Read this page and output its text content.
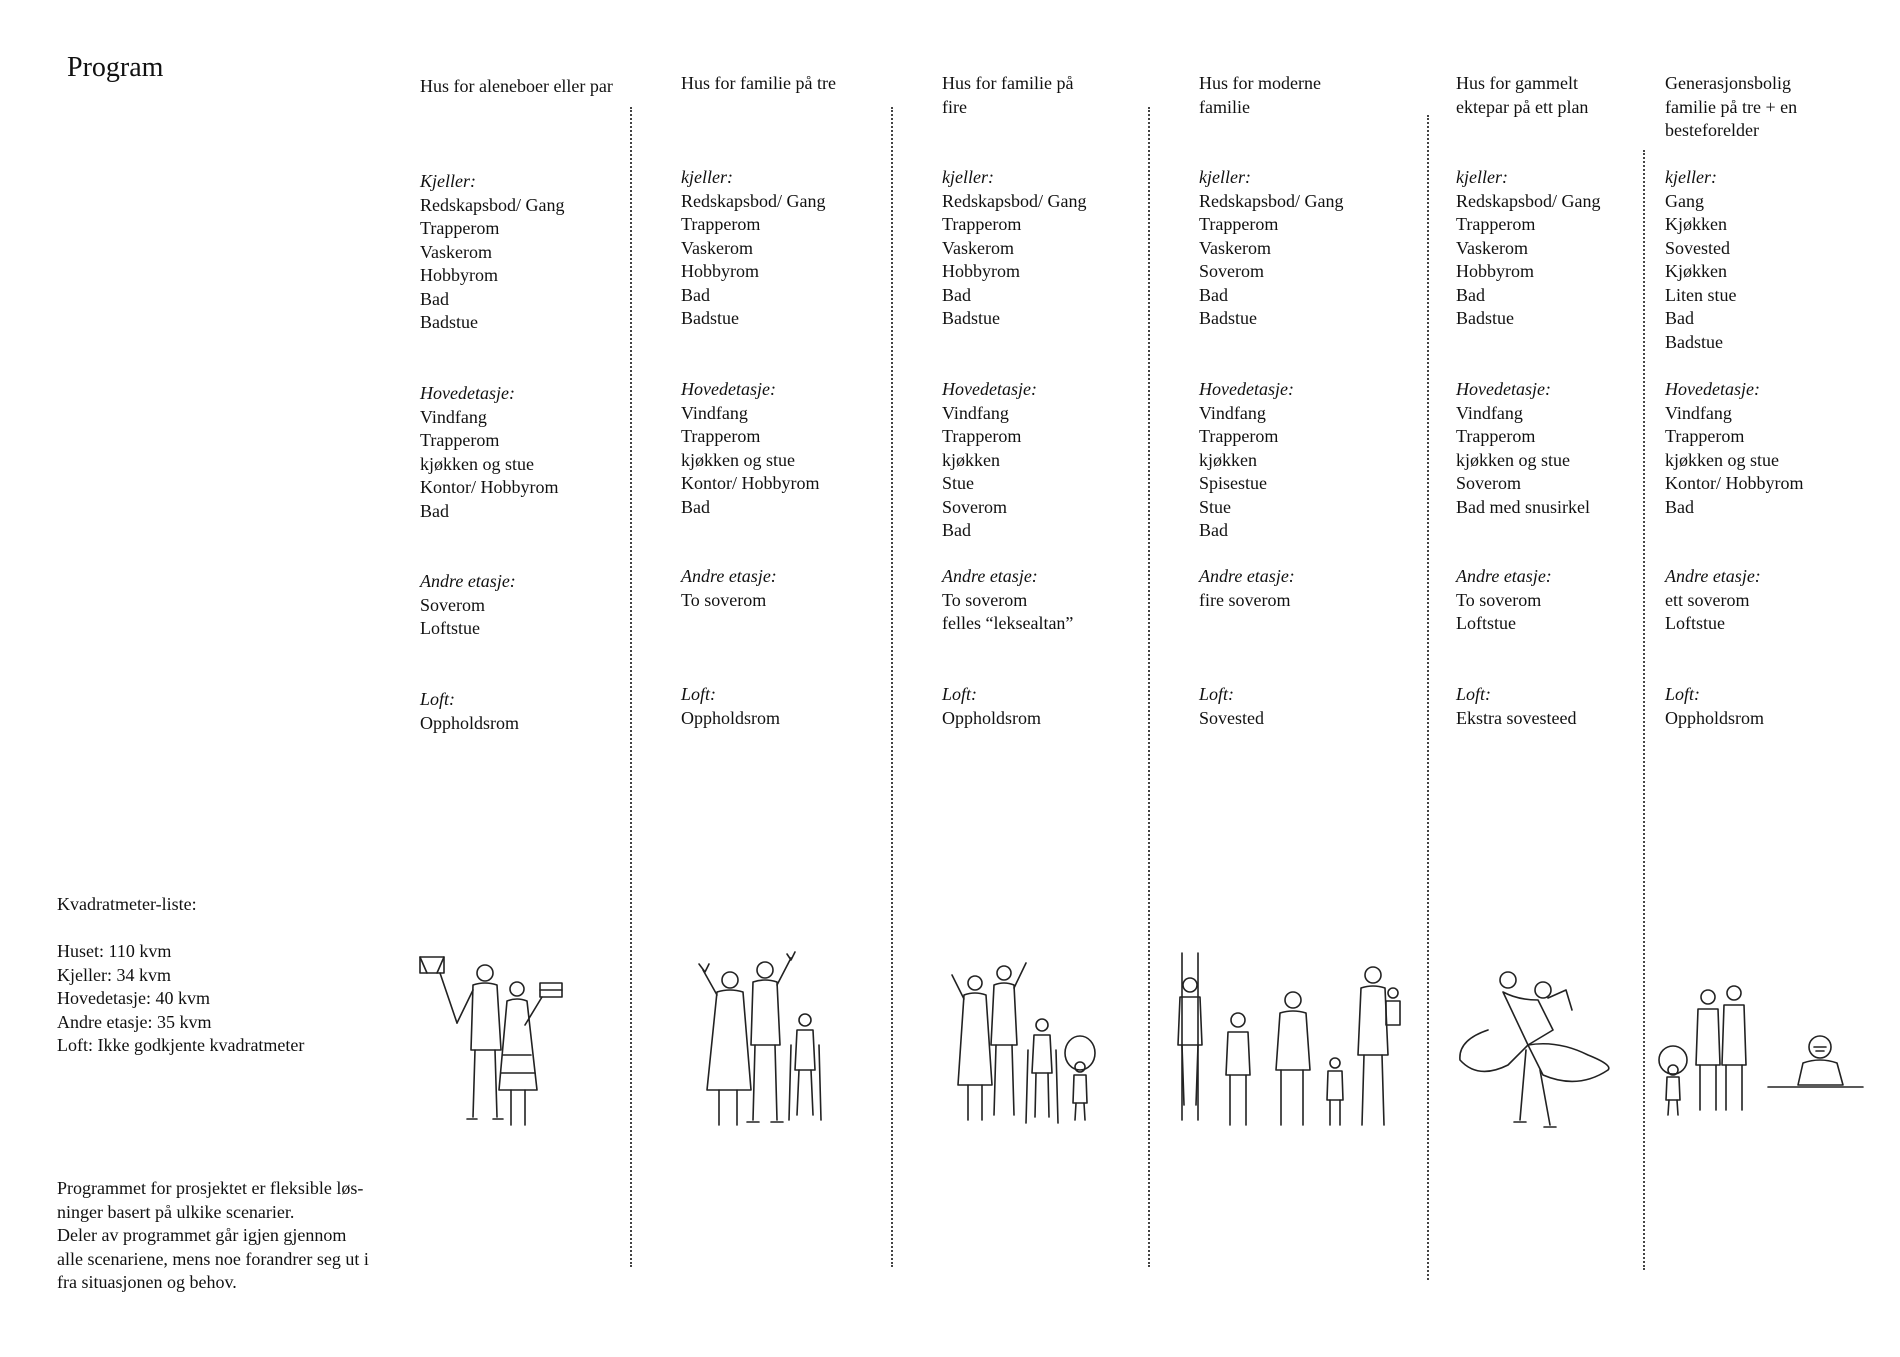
Program
Hus for aleneboer eller par
Kjeller:
Redskapsbod/ Gang
Trapperom
Vaskerom
Hobbyrom
Bad
Badstue
Hovedetasje:
Vindfang
Trapperom
kjøkken og stue
Kontor/ Hobbyrom
Bad
Andre etasje:
Soverom
Loftstue
Loft:
Oppholdsrom
Hus for familie på tre
kjeller:
Redskapsbod/ Gang
Trapperom
Vaskerom
Hobbyrom
Bad
Badstue
Hovedetasje:
Vindfang
Trapperom
kjøkken og stue
Kontor/ Hobbyrom
Bad
Andre etasje:
To soverom
Loft:
Oppholdsrom
Hus for familie på fire
kjeller:
Redskapsbod/ Gang
Trapperom
Vaskerom
Hobbyrom
Bad
Badstue
Hovedetasje:
Vindfang
Trapperom
kjøkken
Stue
Soverom
Bad
Andre etasje:
To soverom
felles “leksealtan”
Loft:
Oppholdsrom
Hus for moderne familie
kjeller:
Redskapsbod/ Gang
Trapperom
Vaskerom
Soverom
Bad
Badstue
Hovedetasje:
Vindfang
Trapperom
kjøkken
Spisestue
Stue
Bad
Andre etasje:
fire soverom
Loft:
Sovested
Hus for gammelt ektepar på ett plan
kjeller:
Redskapsbod/ Gang
Trapperom
Vaskerom
Hobbyrom
Bad
Badstue
Hovedetasje:
Vindfang
Trapperom
kjøkken og stue
Soverom
Bad med snusirkel
Andre etasje:
To soverom
Loftstue
Loft:
Ekstra sovesteed
Generasjonsbolig familie på tre + en besteforelder
kjeller:
Gang
Kjøkken
Sovested
Kjøkken
Liten stue
Bad
Badstue
Hovedetasje:
Vindfang
Trapperom
kjøkken og stue
Kontor/ Hobbyrom
Bad
Andre etasje:
ett soverom
Loftstue
Loft:
Oppholdsrom
Kvadratmeter-liste:
Huset: 110 kvm
Kjeller: 34 kvm
Hovedetasje: 40 kvm
Andre etasje: 35 kvm
Loft: Ikke godkjente kvadratmeter
Programmet for prosjektet er fleksible løs-
ninger basert på ulkike scenarier.
Deler av programmet går igjen gjennom
alle scenariene, mens noe forandrer seg ut i
fra situasjonen og behov.
